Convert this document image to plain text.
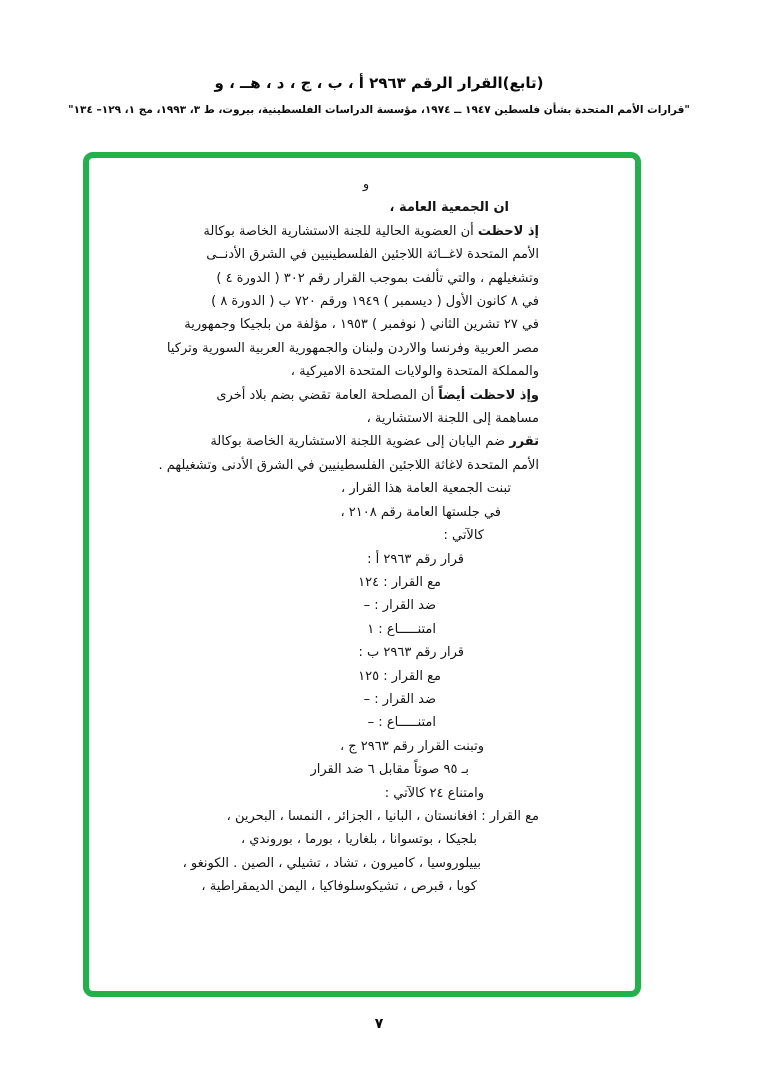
(تابع)القرار الرقم ٢٩٦٣ أ ، ب ، ج ، د ، هــ ، و
"قرارات الأمم المتحدة بشأن فلسطين ١٩٤٧ ــ ١٩٧٤، مؤسسة الدراسات الفلسطينية، بيروت، ط ٣، ١٩٩٣، مج ١، ١٢٩– ١٣٤"
و
ان الجمعية العامة ،
إذ لاحظت أن العضوية الحالية للجنة الاستشارية الخاصة بوكالة
الأمم المتحدة لاغــاثة اللاجئين الفلسطينيين في الشرق الأدنــى
وتشغيلهم ، والتي تألفت بموجب القرار رقم ٣٠٢ ( الدورة ٤ )
في ٨ كانون الأول ( ديسمبر ) ١٩٤٩ ورقم ٧٢٠ ب ( الدورة ٨ )
في ٢٧ تشرين الثاني ( نوفمبر ) ١٩٥٣ ، مؤلفة من بلجيكا وجمهورية
مصر العربية وفرنسا والاردن ولبنان والجمهورية العربية السورية وتركيا
والمملكة المتحدة والولايات المتحدة الاميركية ،
وإذ لاحظت أيضاً أن المصلحة العامة تقضي بضم بلاد أخرى
مساهمة إلى اللجنة الاستشارية ،
تقرر ضم اليابان إلى عضوية اللجنة الاستشارية الخاصة بوكالة
الأمم المتحدة لاغاثة اللاجئين الفلسطينيين في الشرق الأدنى وتشغيلهم .
تبنت الجمعية العامة هذا القرار ،
في جلستها العامة رقم ٢١٠٨ ،
كالآتي :
قرار رقم ٢٩٦٣ أ :
مع القرار : ١٢٤
ضد القرار : –
امتنـــــاع : ١
قرار رقم ٢٩٦٣ ب :
مع القرار : ١٢٥
ضد القرار : –
امتنـــــاع : –
وتبنت القرار رقم ٢٩٦٣ ج ،
بـ ٩٥ صوتاً مقابل ٦ ضد القرار
وامتناع ٢٤ كالآتي :
مع القرار : افغانستان ، البانيا ، الجزائر ، النمسا ، البحرين ،
بلجيكا ، بوتسوانا ، بلغاريا ، بورما ، بوروندي ،
بييلوروسيا ، كاميرون ، تشاد ، تشيلي ، الصين . الكونغو ،
كوبا ، قبرص ، تشيكوسلوفاكيا ، اليمن الديمقراطية ،
٧
